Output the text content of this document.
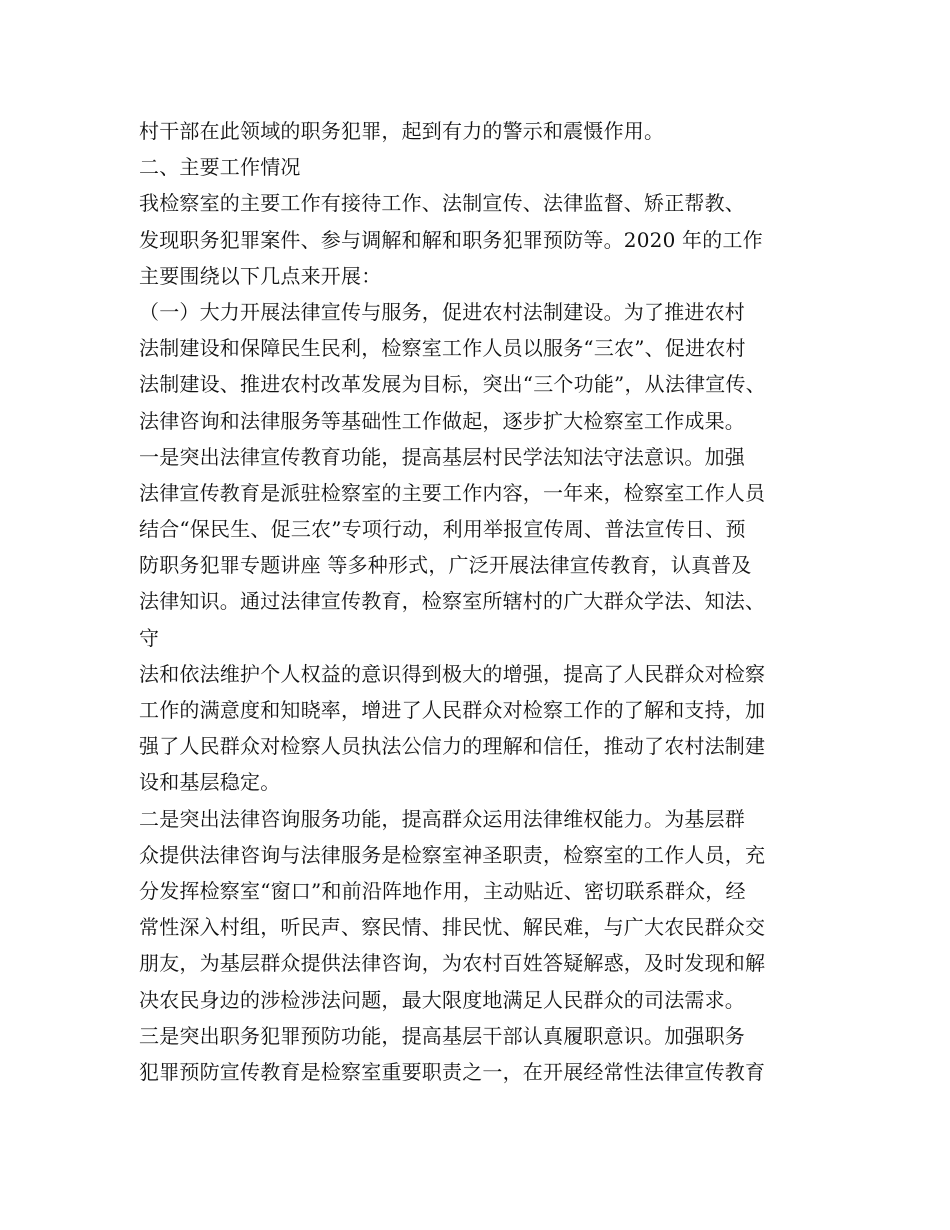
村干部在此领域的职务犯罪，起到有力的警示和震慑作用。
二、主要工作情况
我检察室的主要工作有接待工作、法制宣传、法律监督、矫正帮教、
发现职务犯罪案件、参与调解和解和职务犯罪预防等。2020 年的工作
主要围绕以下几点来开展：
（一）大力开展法律宣传与服务，促进农村法制建设。为了推进农村
法制建设和保障民生民利，检察室工作人员以服务“三农”、促进农村
法制建设、推进农村改革发展为目标，突出“三个功能”，从法律宣传、
法律咨询和法律服务等基础性工作做起，逐步扩大检察室工作成果。
一是突出法律宣传教育功能，提高基层村民学法知法守法意识。加强
法律宣传教育是派驻检察室的主要工作内容，一年来，检察室工作人员
结合“保民生、促三农”专项行动，利用举报宣传周、普法宣传日、预
防职务犯罪专题讲座 等多种形式，广泛开展法律宣传教育，认真普及
法律知识。通过法律宣传教育，检察室所辖村的广大群众学法、知法、
守
法和依法维护个人权益的意识得到极大的增强，提高了人民群众对检察
工作的满意度和知晓率，增进了人民群众对检察工作的了解和支持，加
强了人民群众对检察人员执法公信力的理解和信任，推动了农村法制建
设和基层稳定。
二是突出法律咨询服务功能，提高群众运用法律维权能力。为基层群
众提供法律咨询与法律服务是检察室神圣职责，检察室的工作人员，充
分发挥检察室“窗口”和前沿阵地作用，主动贴近、密切联系群众，经
常性深入村组，听民声、察民情、排民忧、解民难，与广大农民群众交
朋友，为基层群众提供法律咨询，为农村百姓答疑解惑，及时发现和解
决农民身边的涉检涉法问题，最大限度地满足人民群众的司法需求。
三是突出职务犯罪预防功能，提高基层干部认真履职意识。加强职务
犯罪预防宣传教育是检察室重要职责之一，在开展经常性法律宣传教育
